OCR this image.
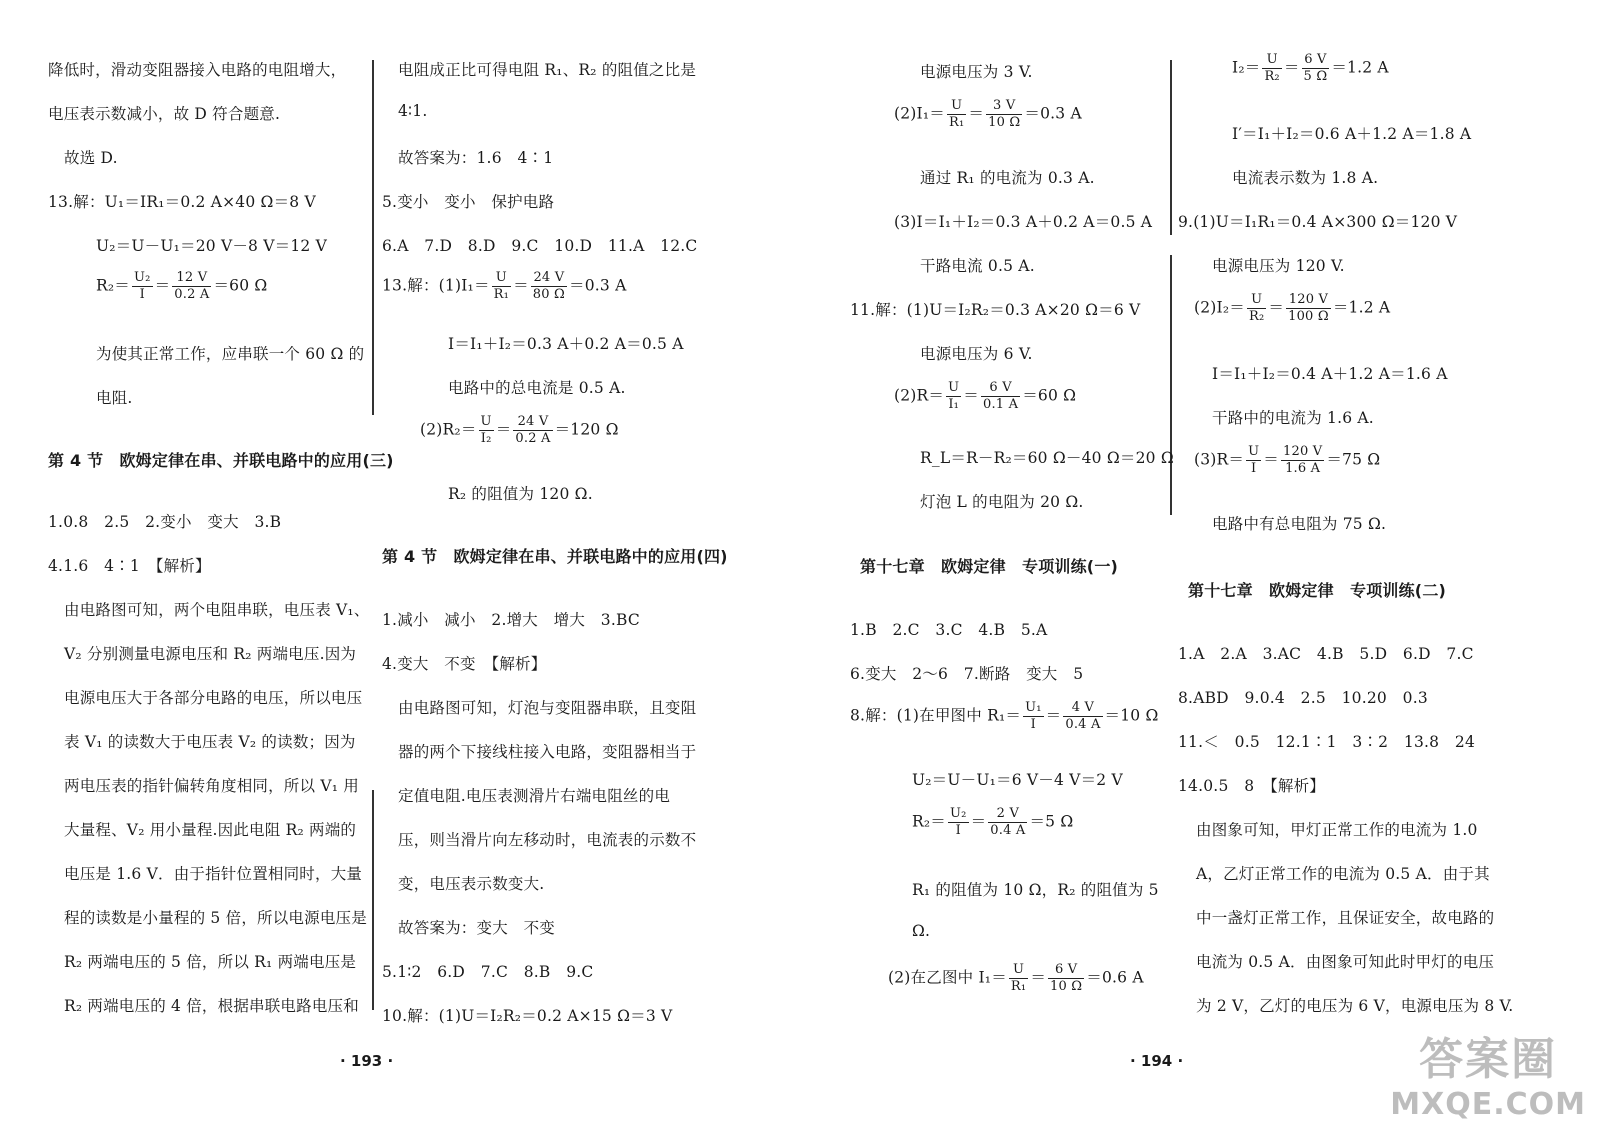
降低时，滑动变阻器接入电路的电阻增大，
电压表示数减小，故 D 符合题意.
故选 D.
13.解：U₁＝IR₁＝0.2 A×40 Ω＝8 V
U₂＝U－U₁＝20 V－8 V＝12 V
$R_2= \frac{\text{U₂}}{I} = \frac{12 V}{0.2 A} =60$ Ω
为使其正常工作，应串联一个 60 Ω 的
电阻.
第 4 节　欧姆定律在串、并联电路中的应用(三)
1.0.8　2.5　2.变小　变大　3.B
4.1.6　4∶1　【解析】
由电路图可知，两个电阻串联，电压表 V₁、
V₂ 分别测量电源电压和 R₂ 两端电压.因为
电源电压大于各部分电路的电压，所以电压
表 V₁ 的读数大于电压表 V₂ 的读数；因为
两电压表的指针偏转角度相同，所以 V₁ 用
大量程、V₂ 用小量程.因此电阻 R₂ 两端的
电压是 1.6 V．由于指针位置相同时，大量
程的读数是小量程的 5 倍，所以电源电压是
R₂ 两端电压的 5 倍，所以 R₁ 两端电压是
R₂ 两端电压的 4 倍，根据串联电路电压和
电阻成正比可得电阻 R₁、R₂ 的阻值之比是
4∶1.
故答案为：1.6　4∶1
5.变小　变小　保护电路
6.A　7.D　8.D　9.C　10.D　11.A　12.C
13.解：$(1)I_1= \frac{U}{\text{R₁}} = \frac{24 V}{80 \Omega} =0.3$ A
I＝I₁＋I₂＝0.3 A＋0.2 A＝0.5 A
电路中的总电流是 0.5 A.
$(2)R_2= \frac{U}{\text{I₂}} = \frac{24 V}{0.2 A} =120$ Ω
R₂ 的阻值为 120 Ω.
第 4 节　欧姆定律在串、并联电路中的应用(四)
1.减小　减小　2.增大　增大　3.BC
4.变大　不变　【解析】
由电路图可知，灯泡与变阻器串联，且变阻
器的两个下接线柱接入电路，变阻器相当于
定值电阻.电压表测滑片右端电阻丝的电
压，则当滑片向左移动时，电流表的示数不
变，电压表示数变大.
故答案为：变大　不变
5.1∶2　6.D　7.C　8.B　9.C
10.解：(1)U＝I₂R₂＝0.2 A×15 Ω＝3 V
· 193 ·
电源电压为 3 V.
$(2)I_1= \frac{U}{\text{R₁}} = \frac{3 V}{10 \Omega} =0.3$ A
通过 R₁ 的电流为 0.3 A.
(3)I＝I₁＋I₂＝0.3 A＋0.2 A＝0.5 A
干路电流 0.5 A.
11.解：(1)U＝I₂R₂＝0.3 A×20 Ω＝6 V
电源电压为 6 V.
$(2)R= \frac{U}{\text{I₁}} = \frac{6 V}{0.1 A} =60$ Ω
R_L＝R－R₂＝60 Ω－40 Ω＝20 Ω
灯泡 L 的电阻为 20 Ω.
第十七章　欧姆定律　专项训练(一)
1.B　2.C　3.C　4.B　5.A
6.变大　2～6　7.断路　变大　5
8.解：(1)在甲图中 $R_1= \frac{\text{U₁}}{I} = \frac{4 V}{0.4 A} =10$ Ω
U₂＝U－U₁＝6 V－4 V＝2 V
$R_2= \frac{\text{U₂}}{I} = \frac{2 V}{0.4 A} =5$ Ω
R₁ 的阻值为 10 Ω，R₂ 的阻值为 5
Ω.
(2)在乙图中 $I_1= \frac{U}{\text{R₁}} = \frac{6 V}{10 \Omega} =0.6$ A
$I_2= \frac{U}{\text{R₂}} = \frac{6 V}{5 \Omega} =1.2$ A
I′＝I₁＋I₂＝0.6 A＋1.2 A＝1.8 A
电流表示数为 1.8 A.
9.(1)U＝I₁R₁＝0.4 A×300 Ω＝120 V
电源电压为 120 V.
$(2)I_2= \frac{U}{\text{R₂}} = \frac{120 V}{100 \Omega} =1.2$ A
I＝I₁＋I₂＝0.4 A＋1.2 A＝1.6 A
干路中的电流为 1.6 A.
$(3)R= \frac{U}{I} = \frac{120 V}{1.6 A} =75$ Ω
电路中有总电阻为 75 Ω.
第十七章　欧姆定律　专项训练(二)
1.A　2.A　3.AC　4.B　5.D　6.D　7.C
8.ABD　9.0.4　2.5　10.20　0.3
11.＜　0.5　12.1∶1　3∶2　13.8　24
14.0.5　8　【解析】
由图象可知，甲灯正常工作的电流为 1.0
A，乙灯正常工作的电流为 0.5 A．由于其
中一盏灯正常工作，且保证安全，故电路的
电流为 0.5 A．由图象可知此时甲灯的电压
为 2 V，乙灯的电压为 6 V，电源电压为 8 V.
· 194 ·	答案圈
MXQE.COM
